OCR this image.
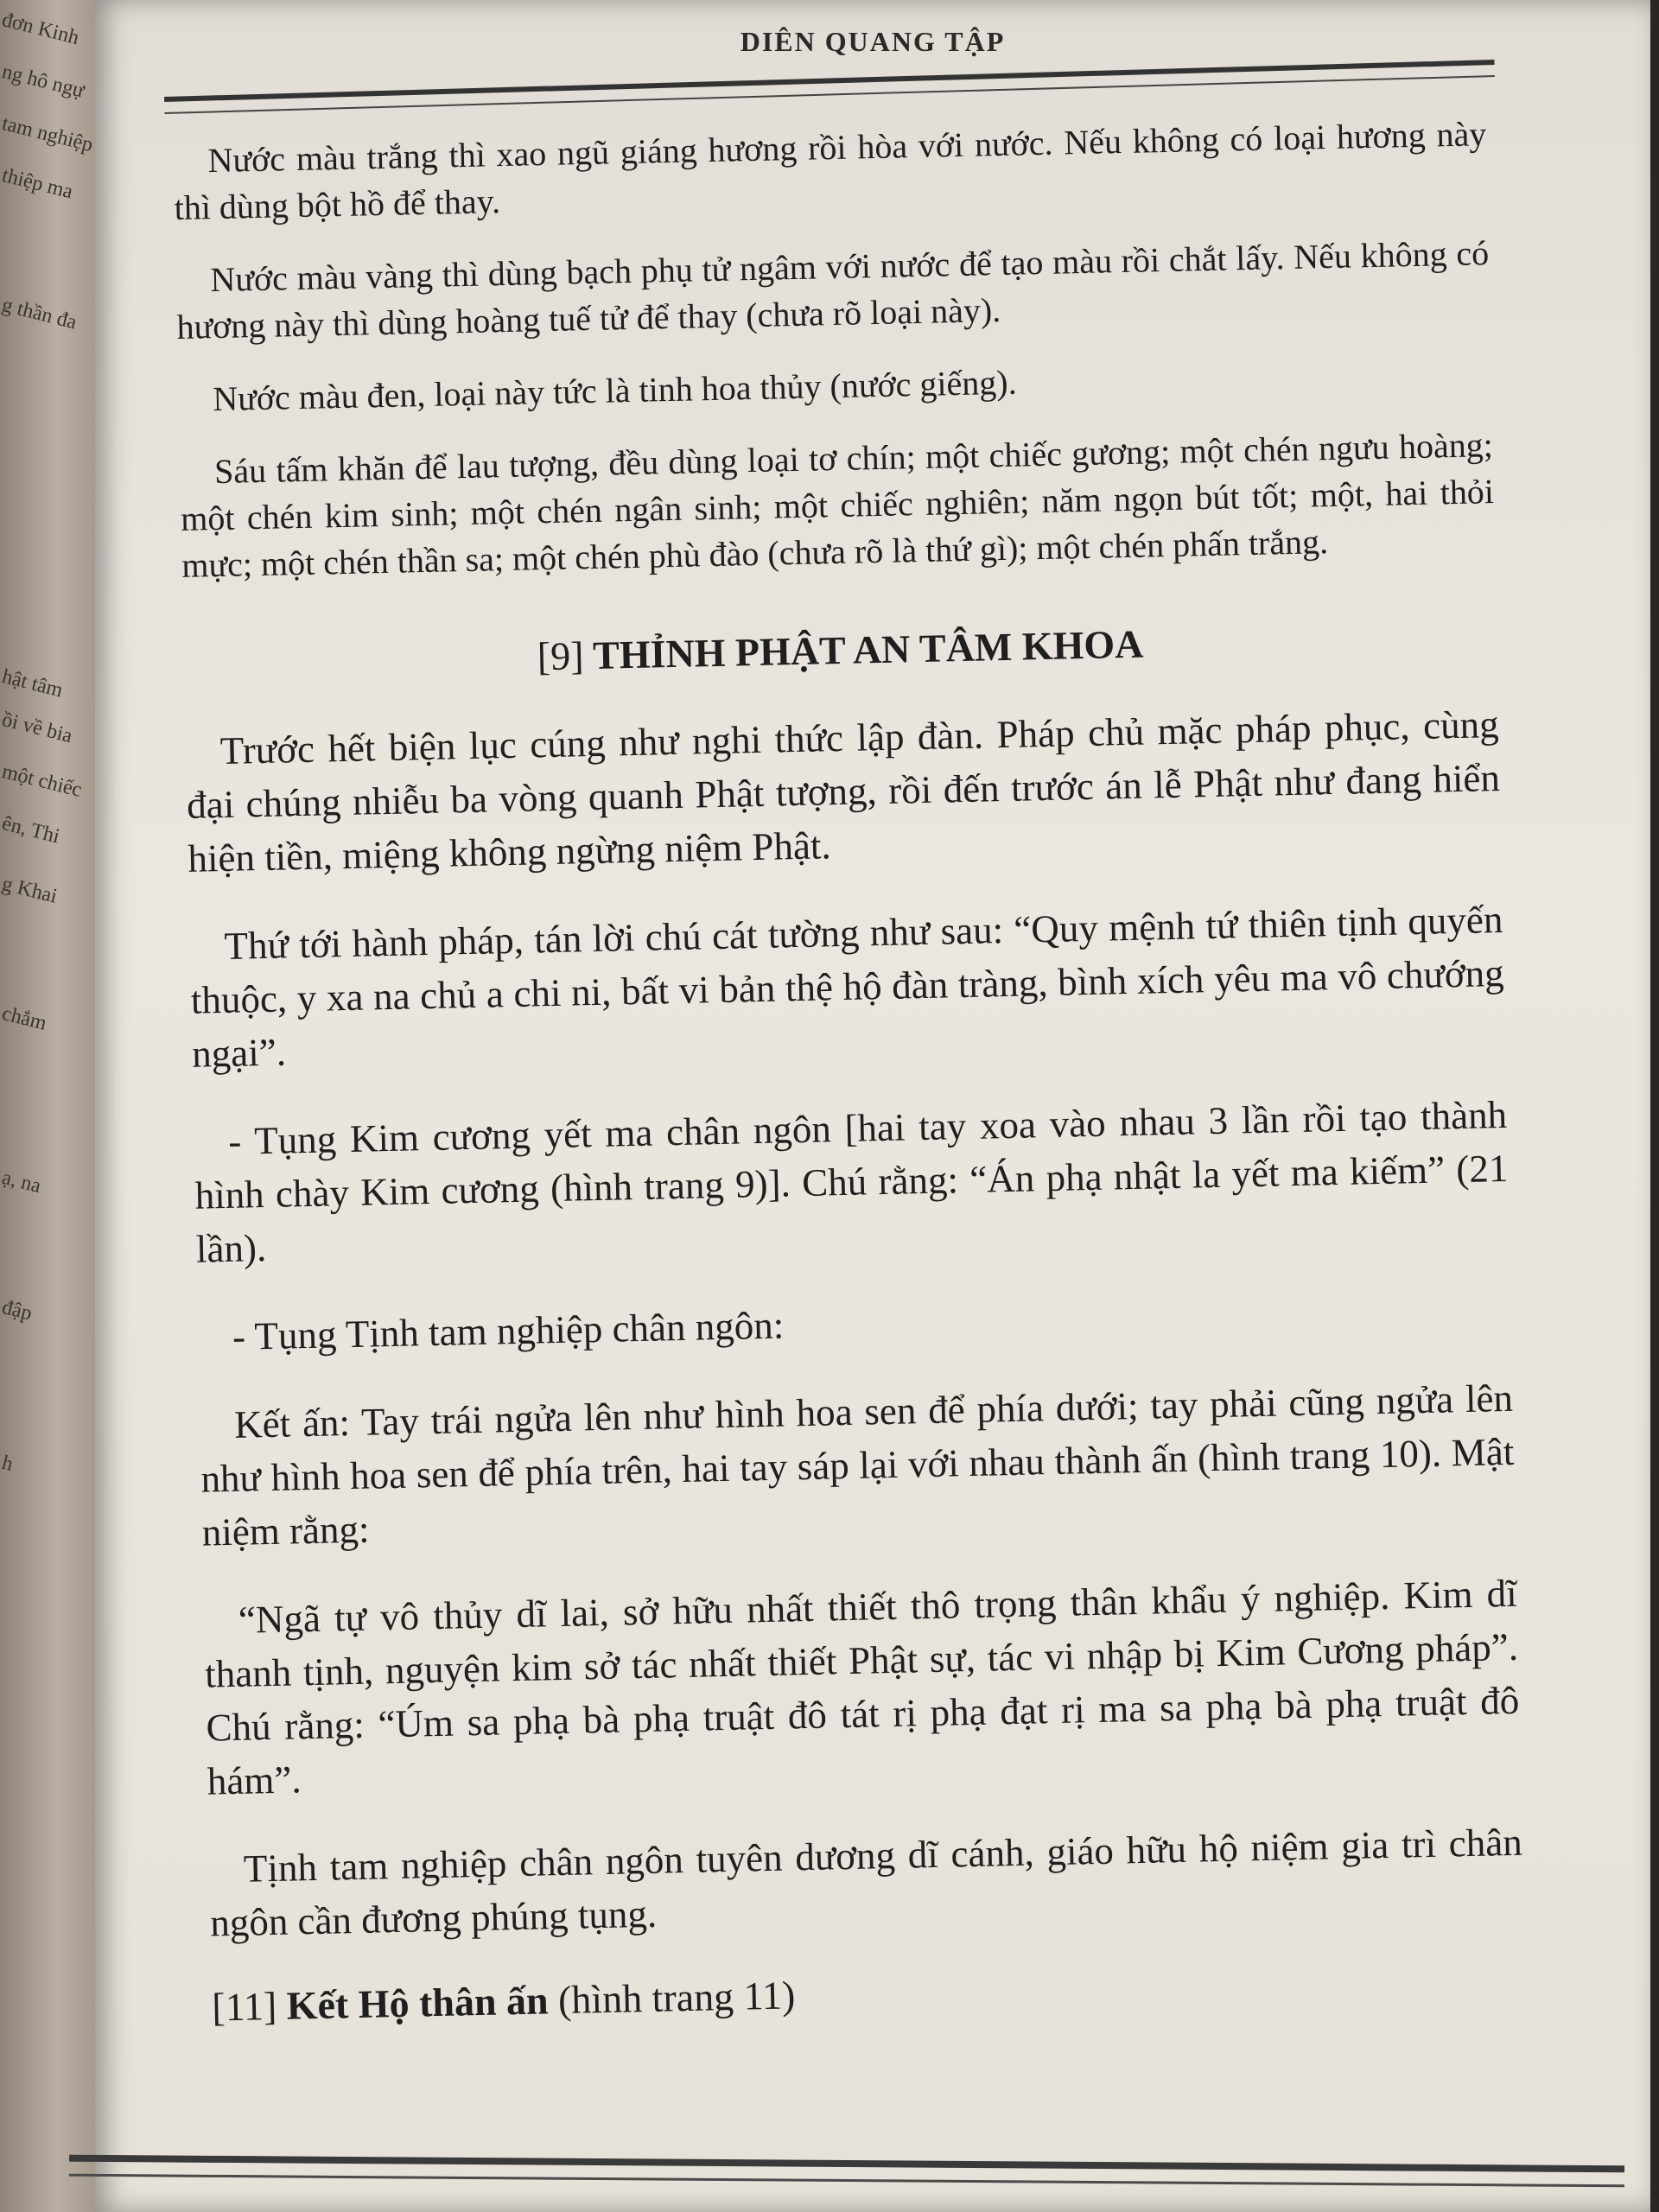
đơn Kinh
ng hô ngự
tam nghiệp
thiệp ma
g thần đa
hật tâm
ồi về bia
một chiếc
ên, Thi
g Khai
chắm
ạ, na
đập
h
DIÊN QUANG TẬP

Nước màu trắng thì xao ngũ giáng hương rồi hòa với nước. Nếu không có loại hương này thì dùng bột hồ để thay.

Nước màu vàng thì dùng bạch phụ tử ngâm với nước để tạo màu rồi chắt lấy. Nếu không có hương này thì dùng hoàng tuế tử để thay (chưa rõ loại này).

Nước màu đen, loại này tức là tinh hoa thủy (nước giếng).

Sáu tấm khăn để lau tượng, đều dùng loại tơ chín; một chiếc gương; một chén ngưu hoàng; một chén kim sinh; một chén ngân sinh; một chiếc nghiên; năm ngọn bút tốt; một, hai thỏi mực; một chén thần sa; một chén phù đào (chưa rõ là thứ gì); một chén phấn trắng.

[9] THỈNH PHẬT AN TÂM KHOA

Trước hết biện lục cúng như nghi thức lập đàn. Pháp chủ mặc pháp phục, cùng đại chúng nhiễu ba vòng quanh Phật tượng, rồi đến trước án lễ Phật như đang hiển hiện tiền, miệng không ngừng niệm Phật.

Thứ tới hành pháp, tán lời chú cát tường như sau: “Quy mệnh tứ thiên tịnh quyến thuộc, y xa na chủ a chi ni, bất vi bản thệ hộ đàn tràng, bình xích yêu ma vô chướng ngại”.

- Tụng Kim cương yết ma chân ngôn [hai tay xoa vào nhau 3 lần rồi tạo thành hình chày Kim cương (hình trang 9)]. Chú rằng: “Án phạ nhật la yết ma kiếm” (21 lần).

- Tụng Tịnh tam nghiệp chân ngôn:

Kết ấn: Tay trái ngửa lên như hình hoa sen để phía dưới; tay phải cũng ngửa lên như hình hoa sen để phía trên, hai tay sáp lại với nhau thành ấn (hình trang 10). Mật niệm rằng:

“Ngã tự vô thủy dĩ lai, sở hữu nhất thiết thô trọng thân khẩu ý nghiệp. Kim dĩ thanh tịnh, nguyện kim sở tác nhất thiết Phật sự, tác vi nhập bị Kim Cương pháp”. Chú rằng: “Úm sa phạ bà phạ truật đô tát rị phạ đạt rị ma sa phạ bà phạ truật đô hám”.

Tịnh tam nghiệp chân ngôn tuyên dương dĩ cánh, giáo hữu hộ niệm gia trì chân ngôn cần đương phúng tụng.

[11] Kết Hộ thân ấn (hình trang 11)
